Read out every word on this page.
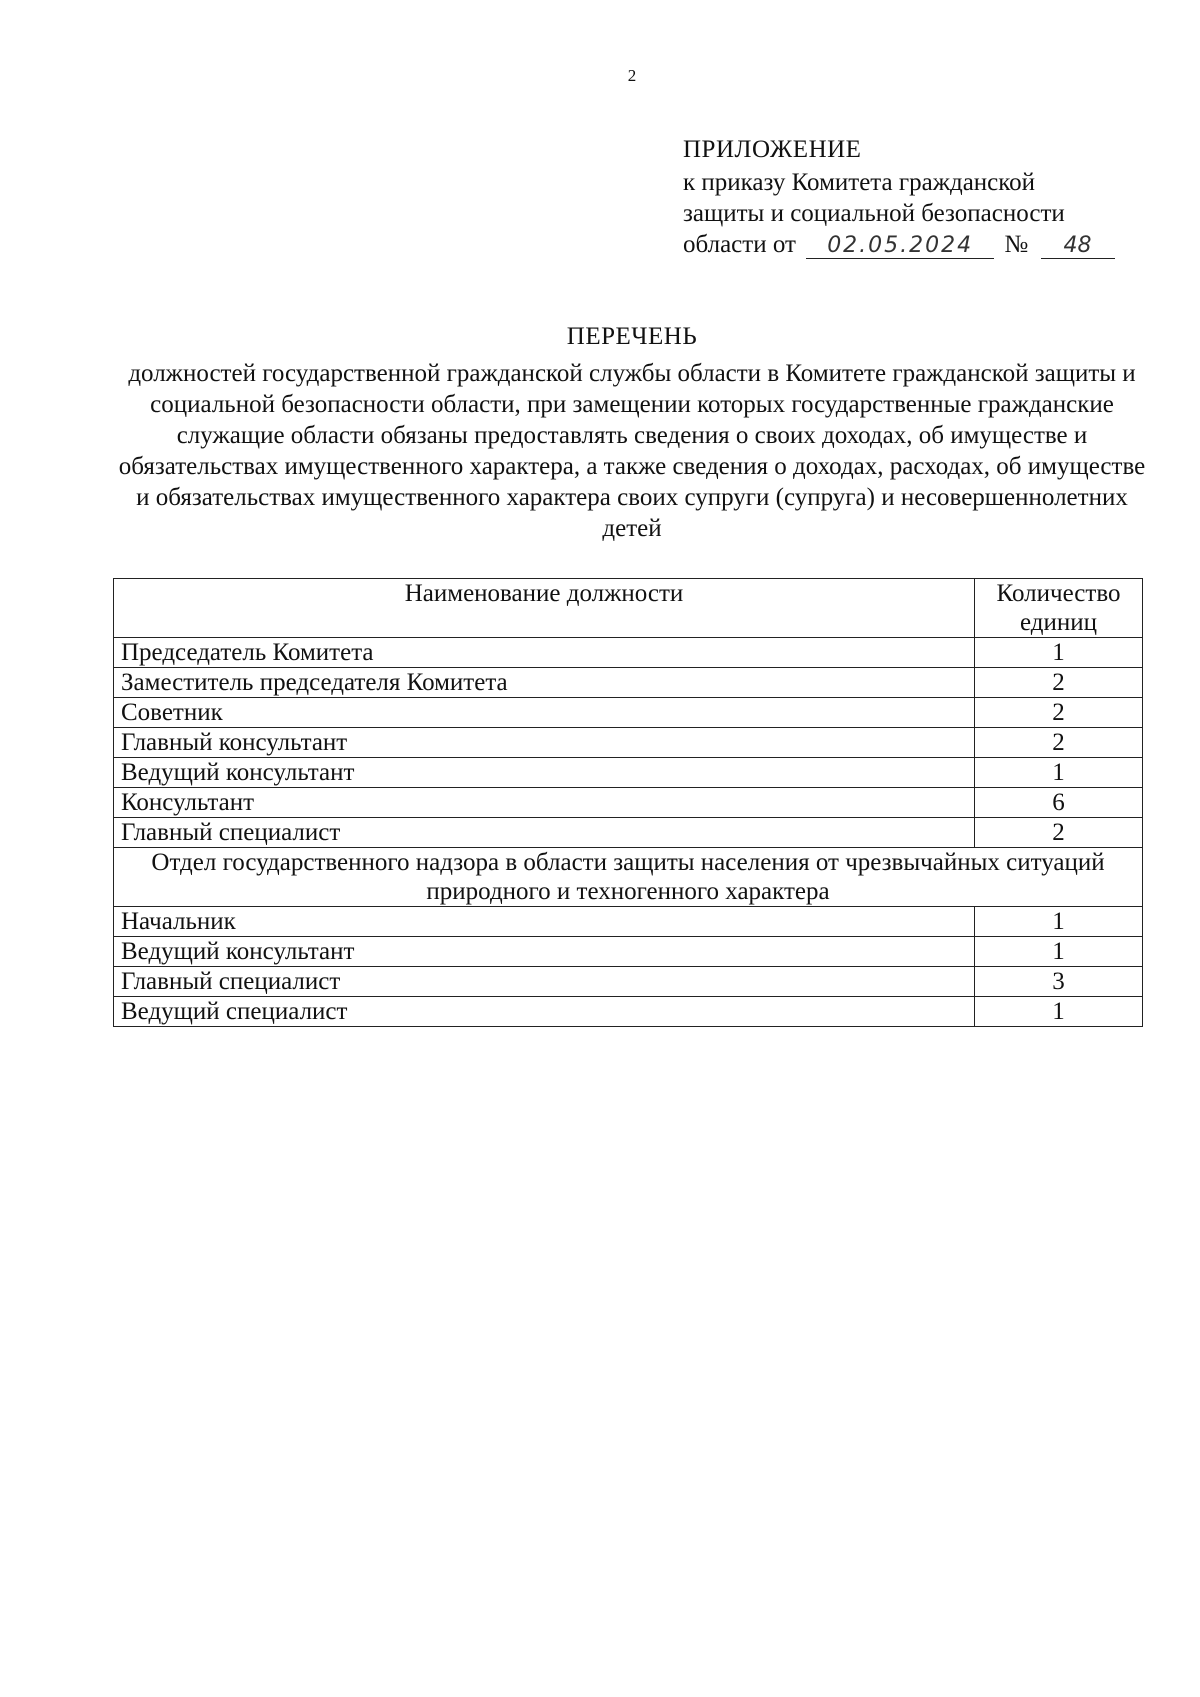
2
ПРИЛОЖЕНИЕ
к приказу Комитета гражданской
защиты и социальной безопасности
области от 02.05.2024 № 48
ПЕРЕЧЕНЬ
должностей государственной гражданской службы области в Комитете гражданской защиты и социальной безопасности области, при замещении которых государственные гражданские служащие области обязаны предоставлять сведения о своих доходах, об имуществе и обязательствах имущественного характера, а также сведения о доходах, расходах, об имуществе и обязательствах имущественного характера своих супруги (супруга) и несовершеннолетних детей
Наименование должности	Количество единиц
Председатель Комитета	1
Заместитель председателя Комитета	2
Советник	2
Главный консультант	2
Ведущий консультант	1
Консультант	6
Главный специалист	2
Отдел государственного надзора в области защиты населения от чрезвычайных ситуаций природного и техногенного характера	
Начальник	1
Ведущий консультант	1
Главный специалист	3
Ведущий специалист	1
